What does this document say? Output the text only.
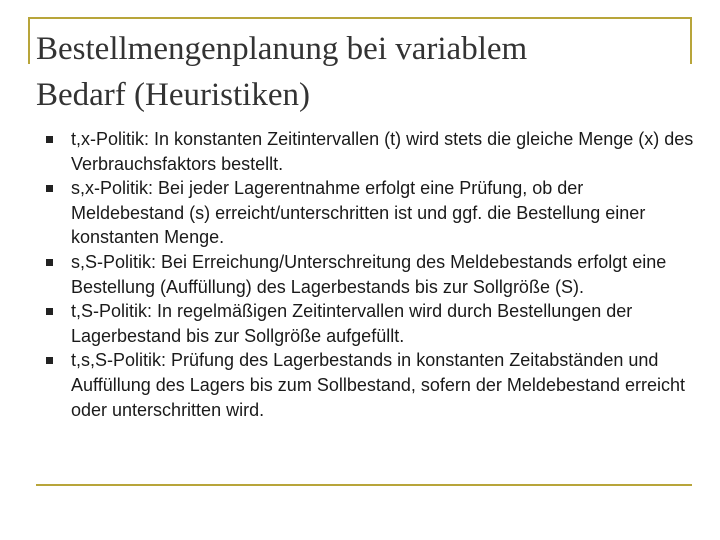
Bestellmengenplanung bei variablem
Bedarf (Heuristiken)
t,x-Politik: In konstanten Zeitintervallen (t) wird stets die gleiche Menge (x) des Verbrauchsfaktors bestellt.
s,x-Politik: Bei jeder Lagerentnahme erfolgt eine Prüfung, ob der Meldebestand (s) erreicht/unterschritten ist und ggf. die Bestellung einer konstanten Menge.
s,S-Politik: Bei Erreichung/Unterschreitung des Meldebestands erfolgt eine Bestellung (Auffüllung) des Lagerbestands bis zur Sollgröße (S).
t,S-Politik: In regelmäßigen Zeitintervallen wird durch Bestellungen der Lagerbestand bis zur Sollgröße aufgefüllt.
t,s,S-Politik: Prüfung des Lagerbestands in konstanten Zeitabständen und Auffüllung des Lagers bis zum Sollbestand, sofern der Meldebestand erreicht oder unterschritten wird.
